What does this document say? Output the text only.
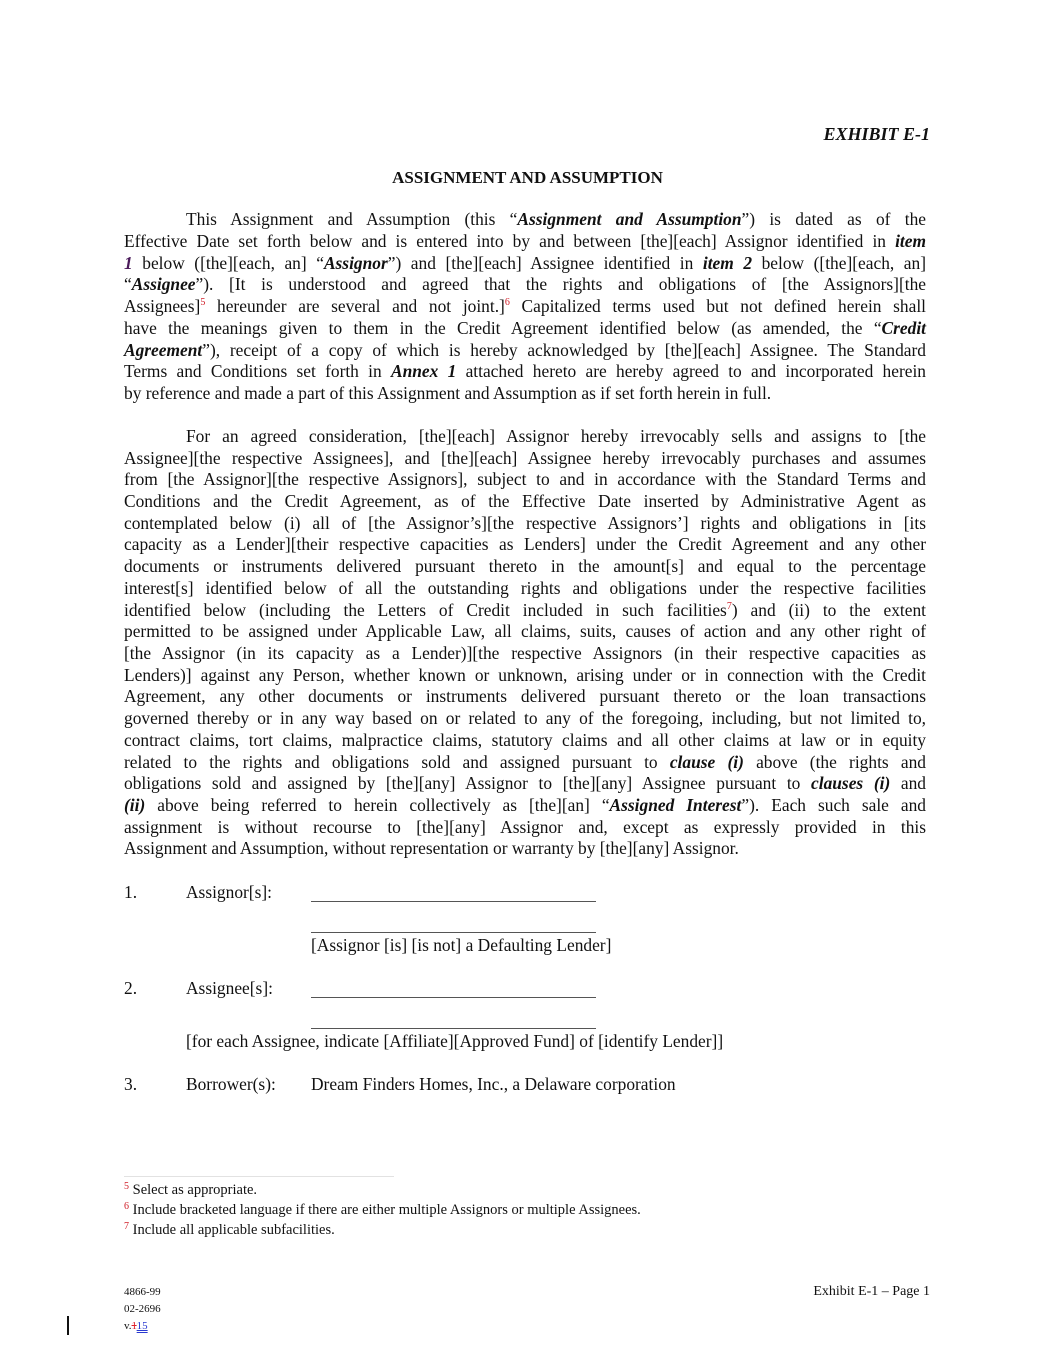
EXHIBIT E-1
ASSIGNMENT AND ASSUMPTION
This Assignment and Assumption (this “Assignment and Assumption”) is dated as of the
Effective Date set forth below and is entered into by and between [the][each] Assignor identified in item
1 below ([the][each, an] “Assignor”) and [the][each] Assignee identified in item 2 below ([the][each, an]
“Assignee”). [It is understood and agreed that the rights and obligations of [the Assignors][the
Assignees]$^5$ hereunder are several and not joint.]$^6$ Capitalized terms used but not defined herein shall
have the meanings given to them in the Credit Agreement identified below (as amended, the “Credit
Agreement”), receipt of a copy of which is hereby acknowledged by [the][each] Assignee. The Standard
Terms and Conditions set forth in Annex 1 attached hereto are hereby agreed to and incorporated herein
by reference and made a part of this Assignment and Assumption as if set forth herein in full.
For an agreed consideration, [the][each] Assignor hereby irrevocably sells and assigns to [the
Assignee][the respective Assignees], and [the][each] Assignee hereby irrevocably purchases and assumes
from [the Assignor][the respective Assignors], subject to and in accordance with the Standard Terms and
Conditions and the Credit Agreement, as of the Effective Date inserted by Administrative Agent as
contemplated below (i) all of [the Assignor’s][the respective Assignors’] rights and obligations in [its
capacity as a Lender][their respective capacities as Lenders] under the Credit Agreement and any other
documents or instruments delivered pursuant thereto in the amount[s] and equal to the percentage
interest[s] identified below of all the outstanding rights and obligations under the respective facilities
identified below (including the Letters of Credit included in such facilities$^7$) and (ii) to the extent
permitted to be assigned under Applicable Law, all claims, suits, causes of action and any other right of
[the Assignor (in its capacity as a Lender)][the respective Assignors (in their respective capacities as
Lenders)] against any Person, whether known or unknown, arising under or in connection with the Credit
Agreement, any other documents or instruments delivered pursuant thereto or the loan transactions
governed thereby or in any way based on or related to any of the foregoing, including, but not limited to,
contract claims, tort claims, malpractice claims, statutory claims and all other claims at law or in equity
related to the rights and obligations sold and assigned pursuant to clause (i) above (the rights and
obligations sold and assigned by [the][any] Assignor to [the][any] Assignee pursuant to clauses (i) and
(ii) above being referred to herein collectively as [the][an] “Assigned Interest”). Each such sale and
assignment is without recourse to [the][any] Assignor and, except as expressly provided in this
Assignment and Assumption, without representation or warranty by [the][any] Assignor.
1.	Assignor[s]:
[Assignor [is] [is not] a Defaulting Lender]
2.	Assignee[s]:
[for each Assignee, indicate [Affiliate][Approved Fund] of [identify Lender]]
3.	Borrower(s): Dream Finders Homes, Inc., a Delaware corporation
$^5$ Select as appropriate.
$^6$ Include bracketed language if there are either multiple Assignors or multiple Assignees.
$^7$ Include all applicable subfacilities.
4866-99
02-2696
v.115
Exhibit E-1 – Page 1
